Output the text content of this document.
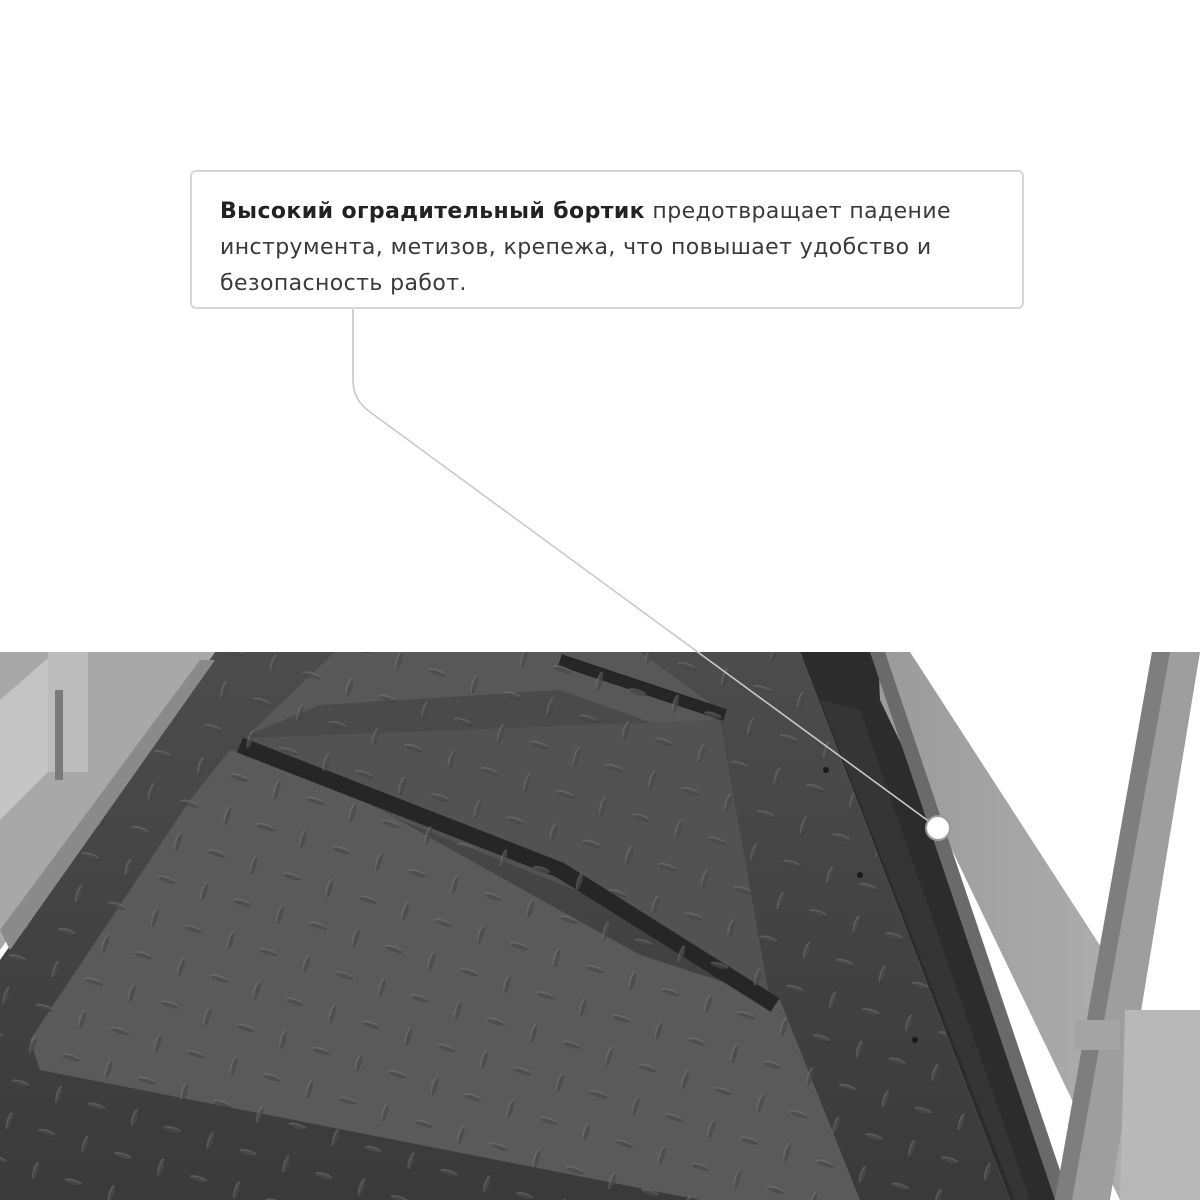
Высокий оградительный бортик предотвращает падение инструмента, метизов, крепежа, что повышает удобство и безопасность работ.
